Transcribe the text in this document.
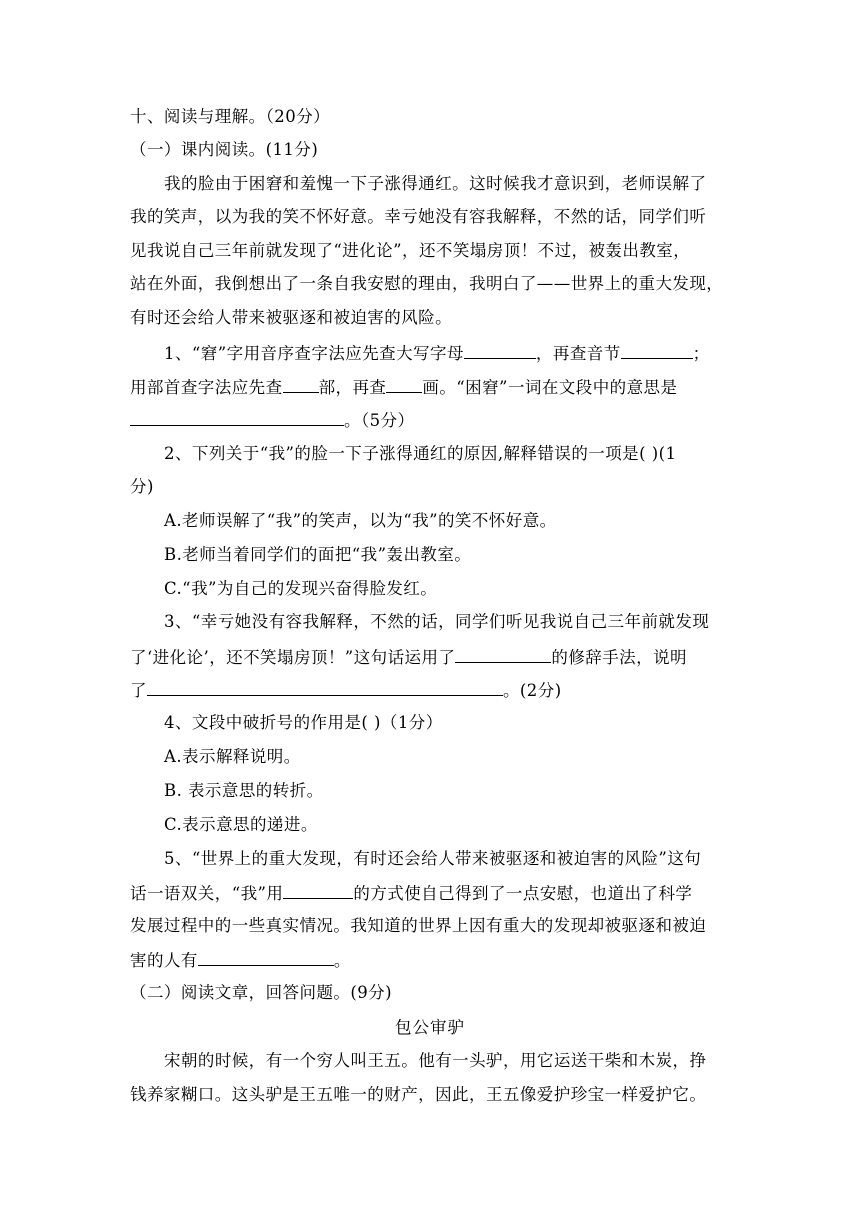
十、阅读与理解。（20分）
（一）课内阅读。(11分)
我的脸由于困窘和羞愧一下子涨得通红。这时候我才意识到，老师误解了
我的笑声，以为我的笑不怀好意。幸亏她没有容我解释，不然的话，同学们听
见我说自己三年前就发现了“进化论”，还不笑塌房顶！不过，被轰出教室，
站在外面，我倒想出了一条自我安慰的理由，我明白了——世界上的重大发现，
有时还会给人带来被驱逐和被迫害的风险。
1、“窘”字用音序查字法应先查大写字母	，再查音节	；
用部首查字法应先查 部，再查 画。“困窘”一词在文段中的意思是
。（5分）
2、下列关于“我”的脸一下子涨得通红的原因,解释错误的一项是( )(1
分)
A.老师误解了“我”的笑声，以为“我”的笑不怀好意。
B.老师当着同学们的面把“我”轰出教室。
C.“我”为自己的发现兴奋得脸发红。
3、“幸亏她没有容我解释，不然的话，同学们听见我说自己三年前就发现
了‘进化论’，还不笑塌房顶！”这句话运用了	的修辞手法，说明
了	。(2分)
4、文段中破折号的作用是( )（1分）
A.表示解释说明。
B. 表示意思的转折。
C.表示意思的递进。
5、“世界上的重大发现，有时还会给人带来被驱逐和被迫害的风险”这句
话一语双关，“我”用	的方式使自己得到了一点安慰，也道出了科学
发展过程中的一些真实情况。我知道的世界上因有重大的发现却被驱逐和被迫
害的人有	。
（二）阅读文章，回答问题。(9分)
包公审驴
宋朝的时候，有一个穷人叫王五。他有一头驴，用它运送干柴和木炭，挣
钱养家糊口。这头驴是王五唯一的财产，因此，王五像爱护珍宝一样爱护它。
